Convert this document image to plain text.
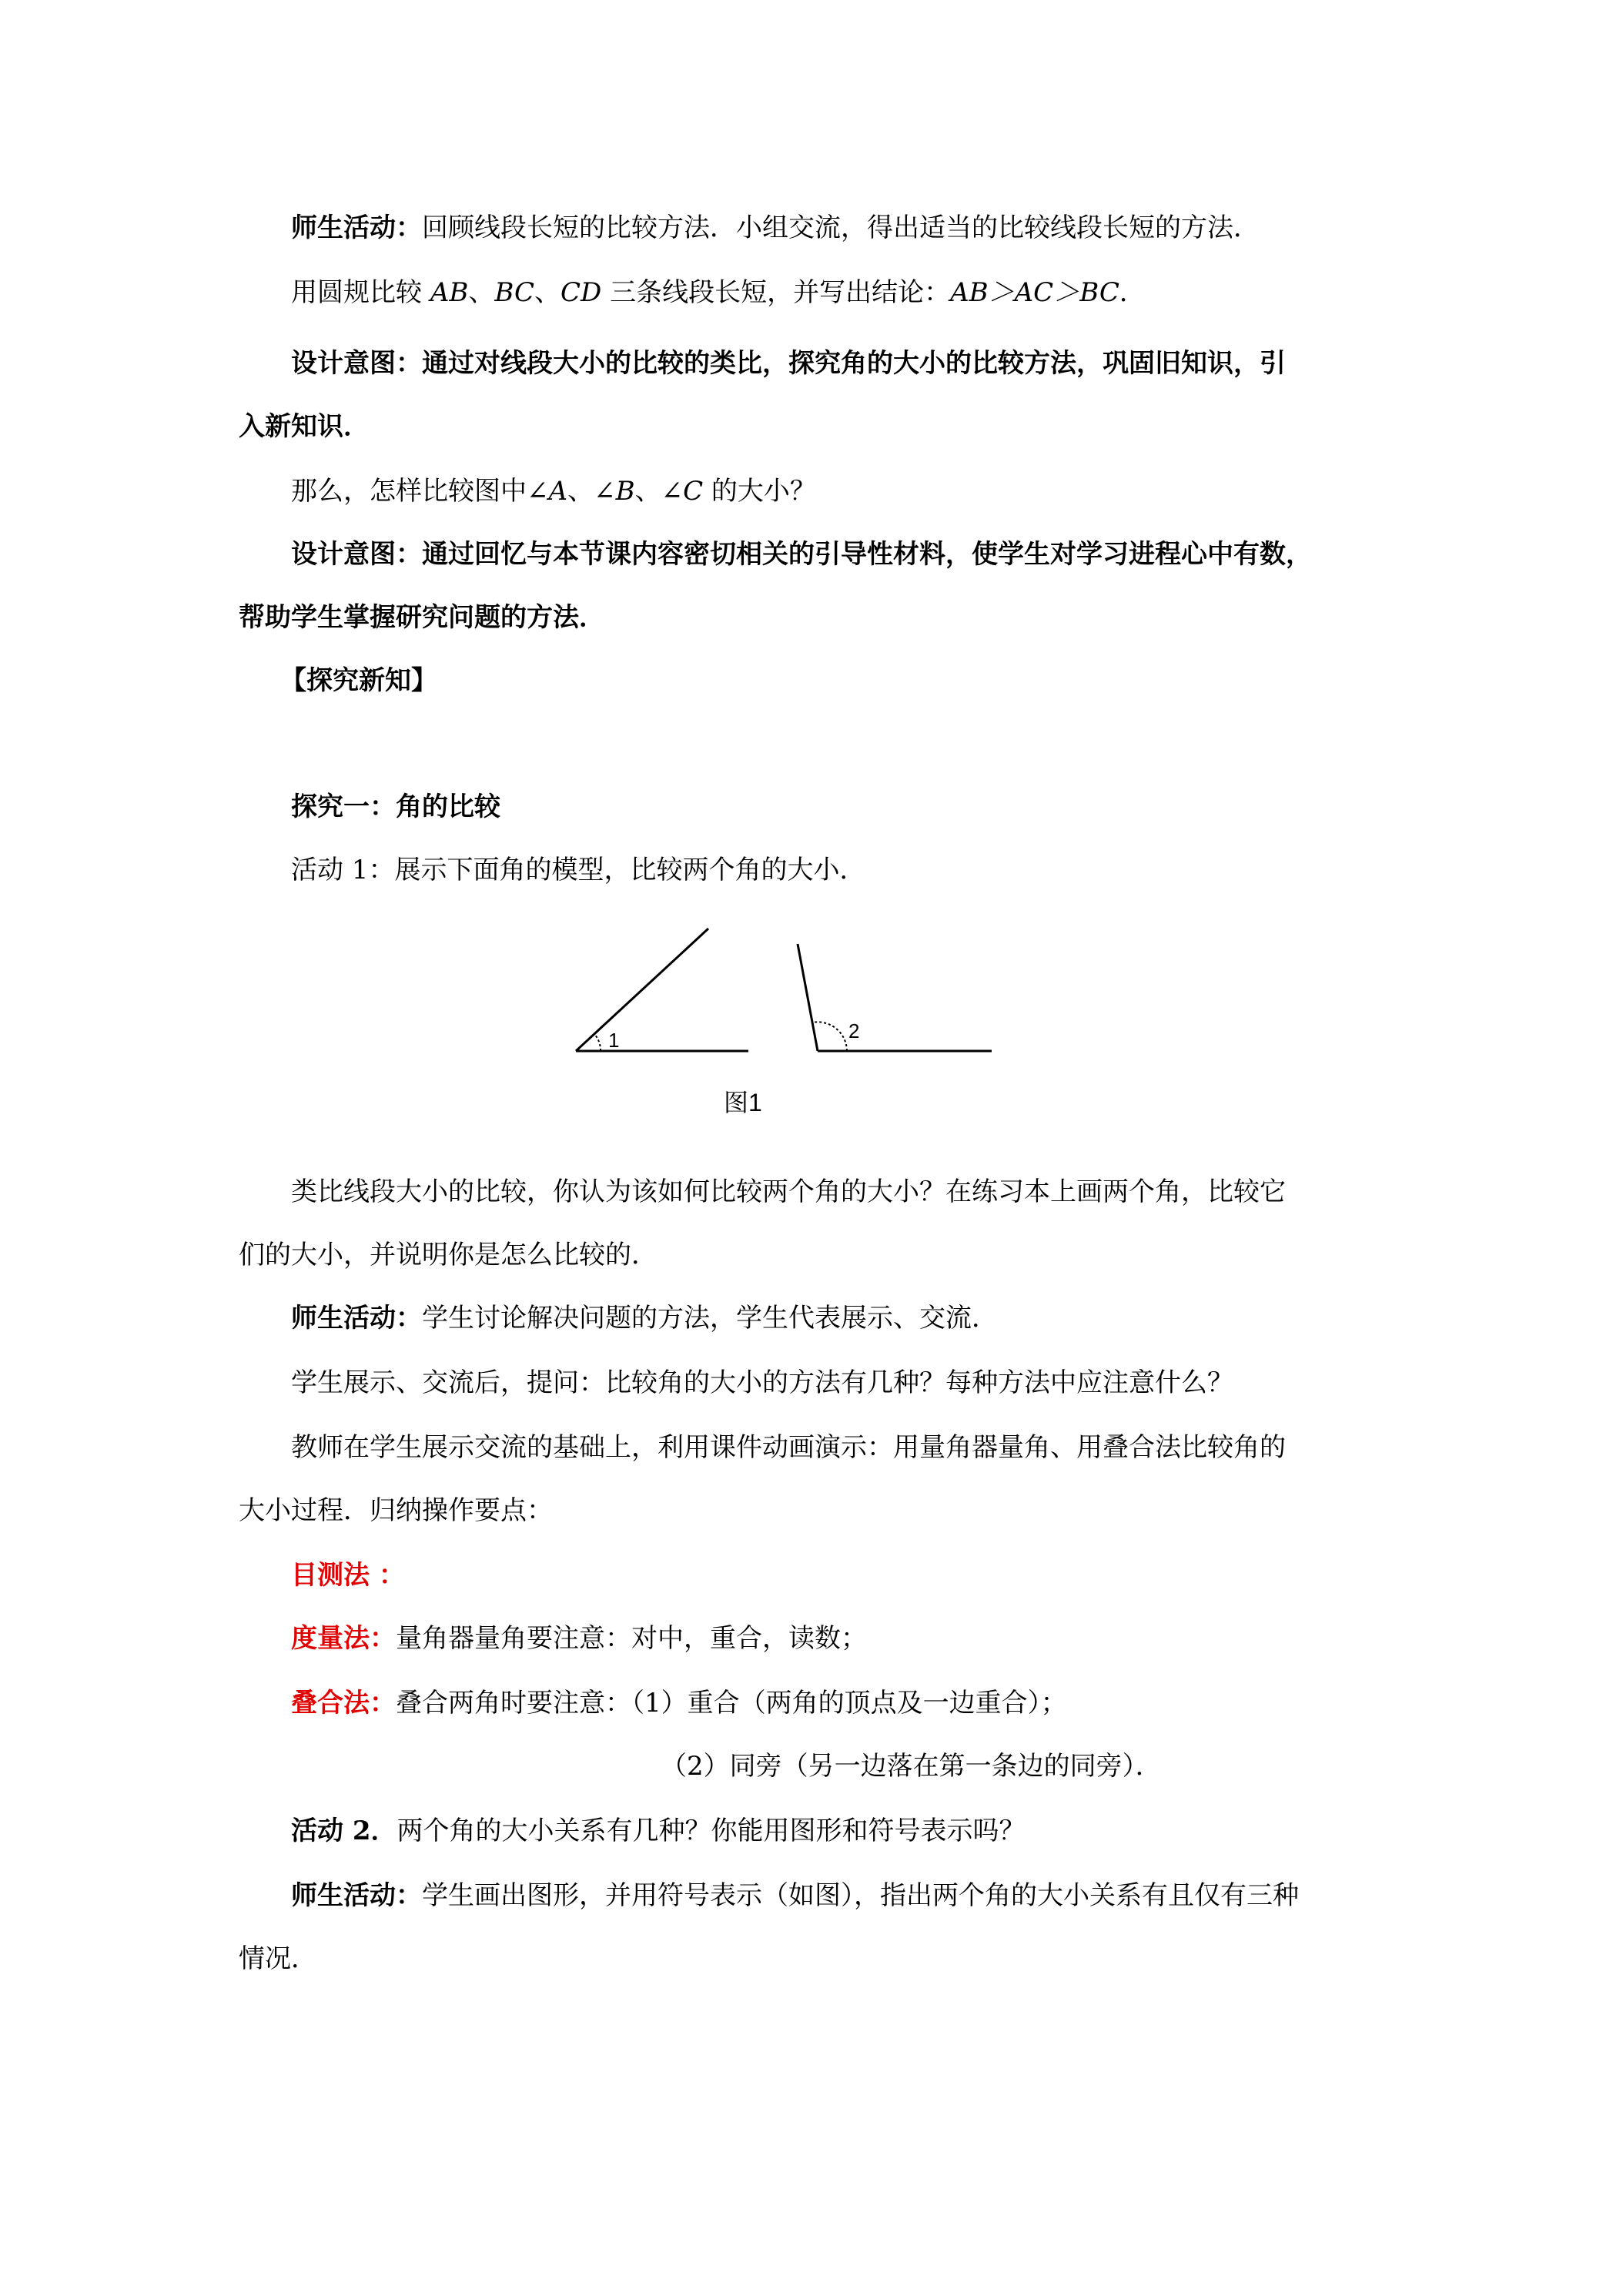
师生活动：回顾线段长短的比较方法．小组交流，得出适当的比较线段长短的方法．
用圆规比较 AB、BC、CD 三条线段长短，并写出结论：AB＞AC＞BC．
设计意图：通过对线段大小的比较的类比，探究角的大小的比较方法，巩固旧知识，引
入新知识．
那么，怎样比较图中∠A、∠B、∠C 的大小？
设计意图：通过回忆与本节课内容密切相关的引导性材料，使学生对学习进程心中有数，
帮助学生掌握研究问题的方法．
【探究新知】
探究一：角的比较
活动 1：展示下面角的模型，比较两个角的大小．
1	2
图1
类比线段大小的比较，你认为该如何比较两个角的大小？在练习本上画两个角，比较它
们的大小，并说明你是怎么比较的．
师生活动：学生讨论解决问题的方法，学生代表展示、交流．
学生展示、交流后，提问：比较角的大小的方法有几种？每种方法中应注意什么？
教师在学生展示交流的基础上，利用课件动画演示：用量角器量角、用叠合法比较角的
大小过程．归纳操作要点：
目测法 ：
度量法：量角器量角要注意：对中，重合，读数；
叠合法：叠合两角时要注意：（1）重合（两角的顶点及一边重合）；
（2）同旁（另一边落在第一条边的同旁）．
活动 2．两个角的大小关系有几种？你能用图形和符号表示吗？
师生活动：学生画出图形，并用符号表示（如图），指出两个角的大小关系有且仅有三种
情况．
